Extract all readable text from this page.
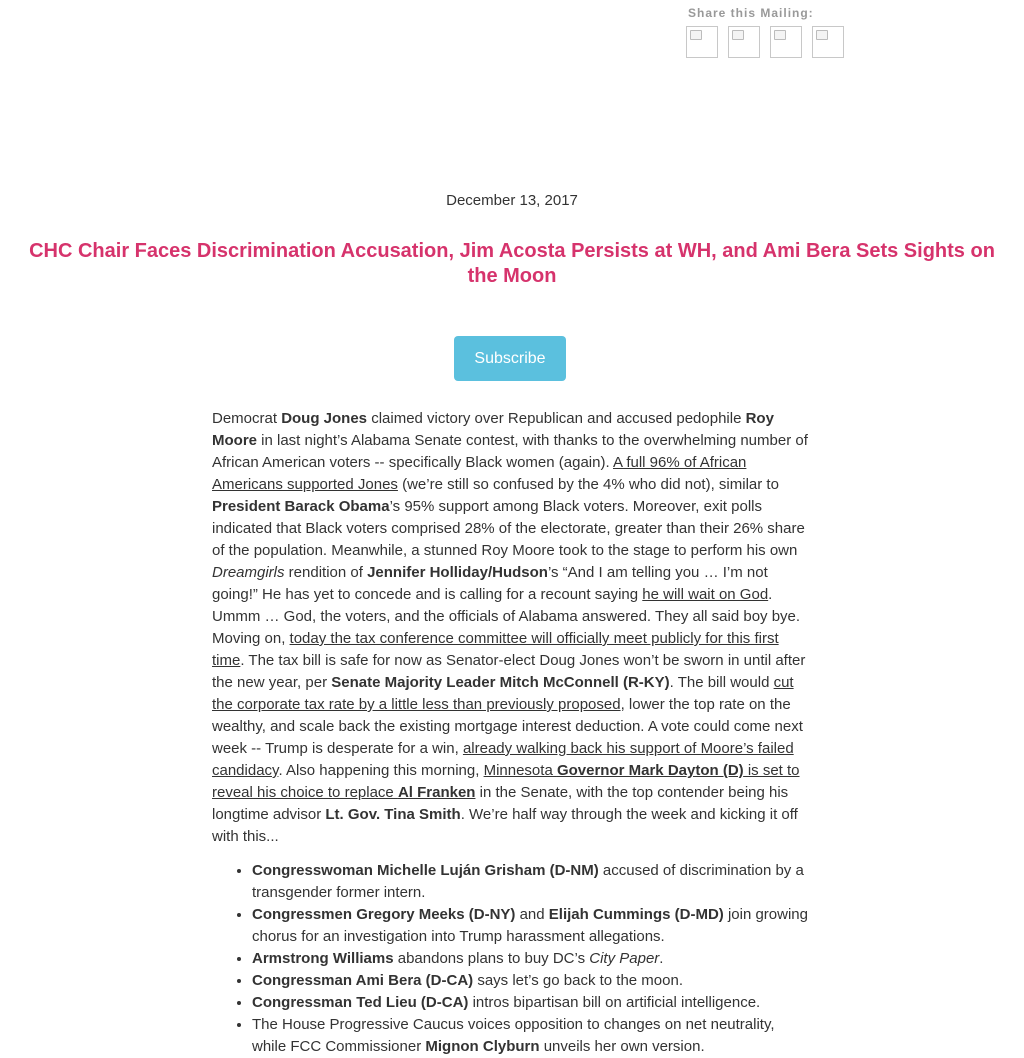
Share this Mailing:
December 13, 2017
CHC Chair Faces Discrimination Accusation, Jim Acosta Persists at WH, and Ami Bera Sets Sights on the Moon
Subscribe

Democrat Doug Jones claimed victory over Republican and accused pedophile Roy Moore in last night’s Alabama Senate contest, with thanks to the overwhelming number of African American voters -- specifically Black women (again). A full 96% of African Americans supported Jones (we’re still so confused by the 4% who did not), similar to President Barack Obama’s 95% support among Black voters. Moreover, exit polls indicated that Black voters comprised 28% of the electorate, greater than their 26% share of the population. Meanwhile, a stunned Roy Moore took to the stage to perform his own Dreamgirls rendition of Jennifer Holliday/Hudson’s “And I am telling you … I’m not going!” He has yet to concede and is calling for a recount saying he will wait on God. Ummm … God, the voters, and the officials of Alabama answered. They all said boy bye. Moving on, today the tax conference committee will officially meet publicly for this first time. The tax bill is safe for now as Senator-elect Doug Jones won’t be sworn in until after the new year, per Senate Majority Leader Mitch McConnell (R-KY). The bill would cut the corporate tax rate by a little less than previously proposed, lower the top rate on the wealthy, and scale back the existing mortgage interest deduction. A vote could come next week -- Trump is desperate for a win, already walking back his support of Moore’s failed candidacy. Also happening this morning, Minnesota Governor Mark Dayton (D) is set to reveal his choice to replace Al Franken in the Senate, with the top contender being his longtime advisor Lt. Gov. Tina Smith. We’re half way through the week and kicking it off with this...

• Congresswoman Michelle Luján Grisham (D-NM) accused of discrimination by a transgender former intern.
• Congressmen Gregory Meeks (D-NY) and Elijah Cummings (D-MD) join growing chorus for an investigation into Trump harassment allegations.
• Armstrong Williams abandons plans to buy DC’s City Paper.
• Congressman Ami Bera (D-CA) says let’s go back to the moon.
• Congressman Ted Lieu (D-CA) intros bipartisan bill on artificial intelligence.
• The House Progressive Caucus voices opposition to changes on net neutrality, while FCC Commissioner Mignon Clyburn unveils her own version.
